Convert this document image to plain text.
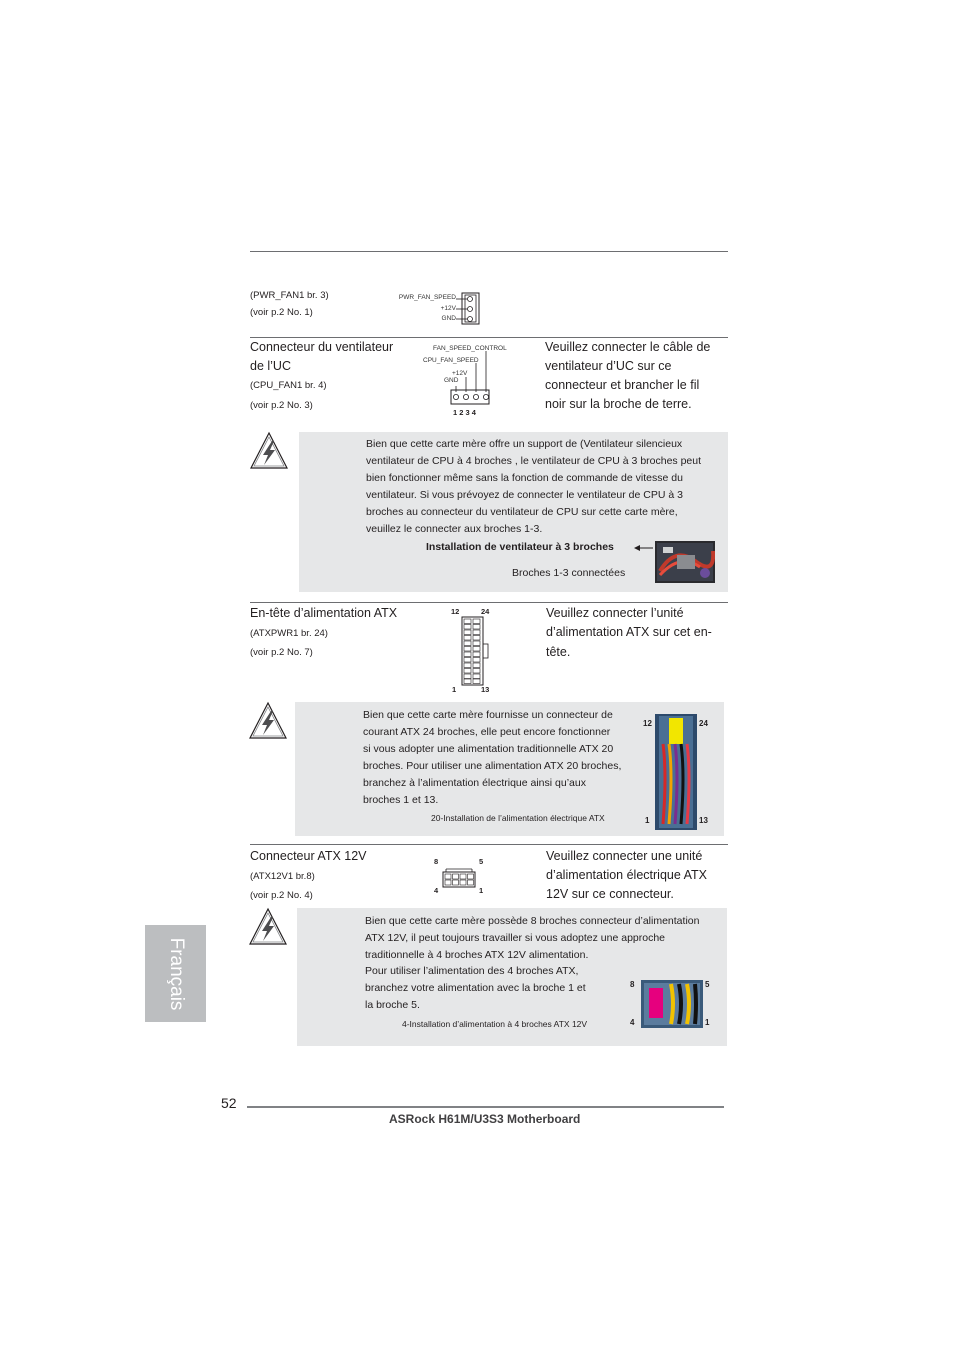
(PWR_FAN1 br. 3)
(voir p.2 No. 1)
PWR_FAN_SPEED
+12V
GND
Connecteur du ventilateur
de l’UC
(CPU_FAN1 br. 4)
(voir p.2 No. 3)
FAN_SPEED_CONTROL
CPU_FAN_SPEED
+12V
GND
1 2 3 4
Veuillez connecter le câble de
ventilateur d’UC sur ce
connecteur et brancher le fil
noir sur la broche de terre.
Bien que cette carte mère offre un support de (Ventilateur silencieux
ventilateur de CPU à 4 broches , le ventilateur de CPU à 3 broches peut
bien fonctionner même sans la fonction de commande de vitesse du
ventilateur. Si vous prévoyez de connecter le ventilateur de CPU à 3
broches au connecteur du ventilateur de CPU sur cette carte mère,
veuillez le connecter aux broches 1-3.
Installation de ventilateur à 3 broches
Broches 1-3 connectées
En-tête d’alimentation ATX
(ATXPWR1 br. 24)
(voir p.2 No. 7)
12	24
1	13
Veuillez connecter l’unité
d’alimentation ATX sur cet en-
tête.
Bien que cette carte mère fournisse un connecteur de
courant ATX 24 broches, elle peut encore fonctionner
si vous adopter une alimentation traditionnelle ATX 20
broches. Pour utiliser une alimentation ATX 20 broches,
branchez à l’alimentation électrique ainsi qu’aux
broches 1 et 13.
20-Installation de l’alimentation électrique ATX
12	24
1	13
Connecteur ATX 12V
(ATX12V1 br.8)
(voir p.2 No. 4)
8	5
4	1
Veuillez connecter une unité
d’alimentation électrique ATX
12V sur ce connecteur.
Bien que cette carte mère possède 8 broches connecteur d’alimentation
ATX 12V, il peut toujours travailler si vous adoptez une approche
traditionnelle à 4 broches ATX 12V alimentation.
Pour utiliser l’alimentation des 4 broches ATX,
branchez votre alimentation avec la broche 1 et
la broche 5.
4-Installation d’alimentation à 4 broches ATX 12V
8	5
4	1
Français
52
ASRock H61M/U3S3 Motherboard
